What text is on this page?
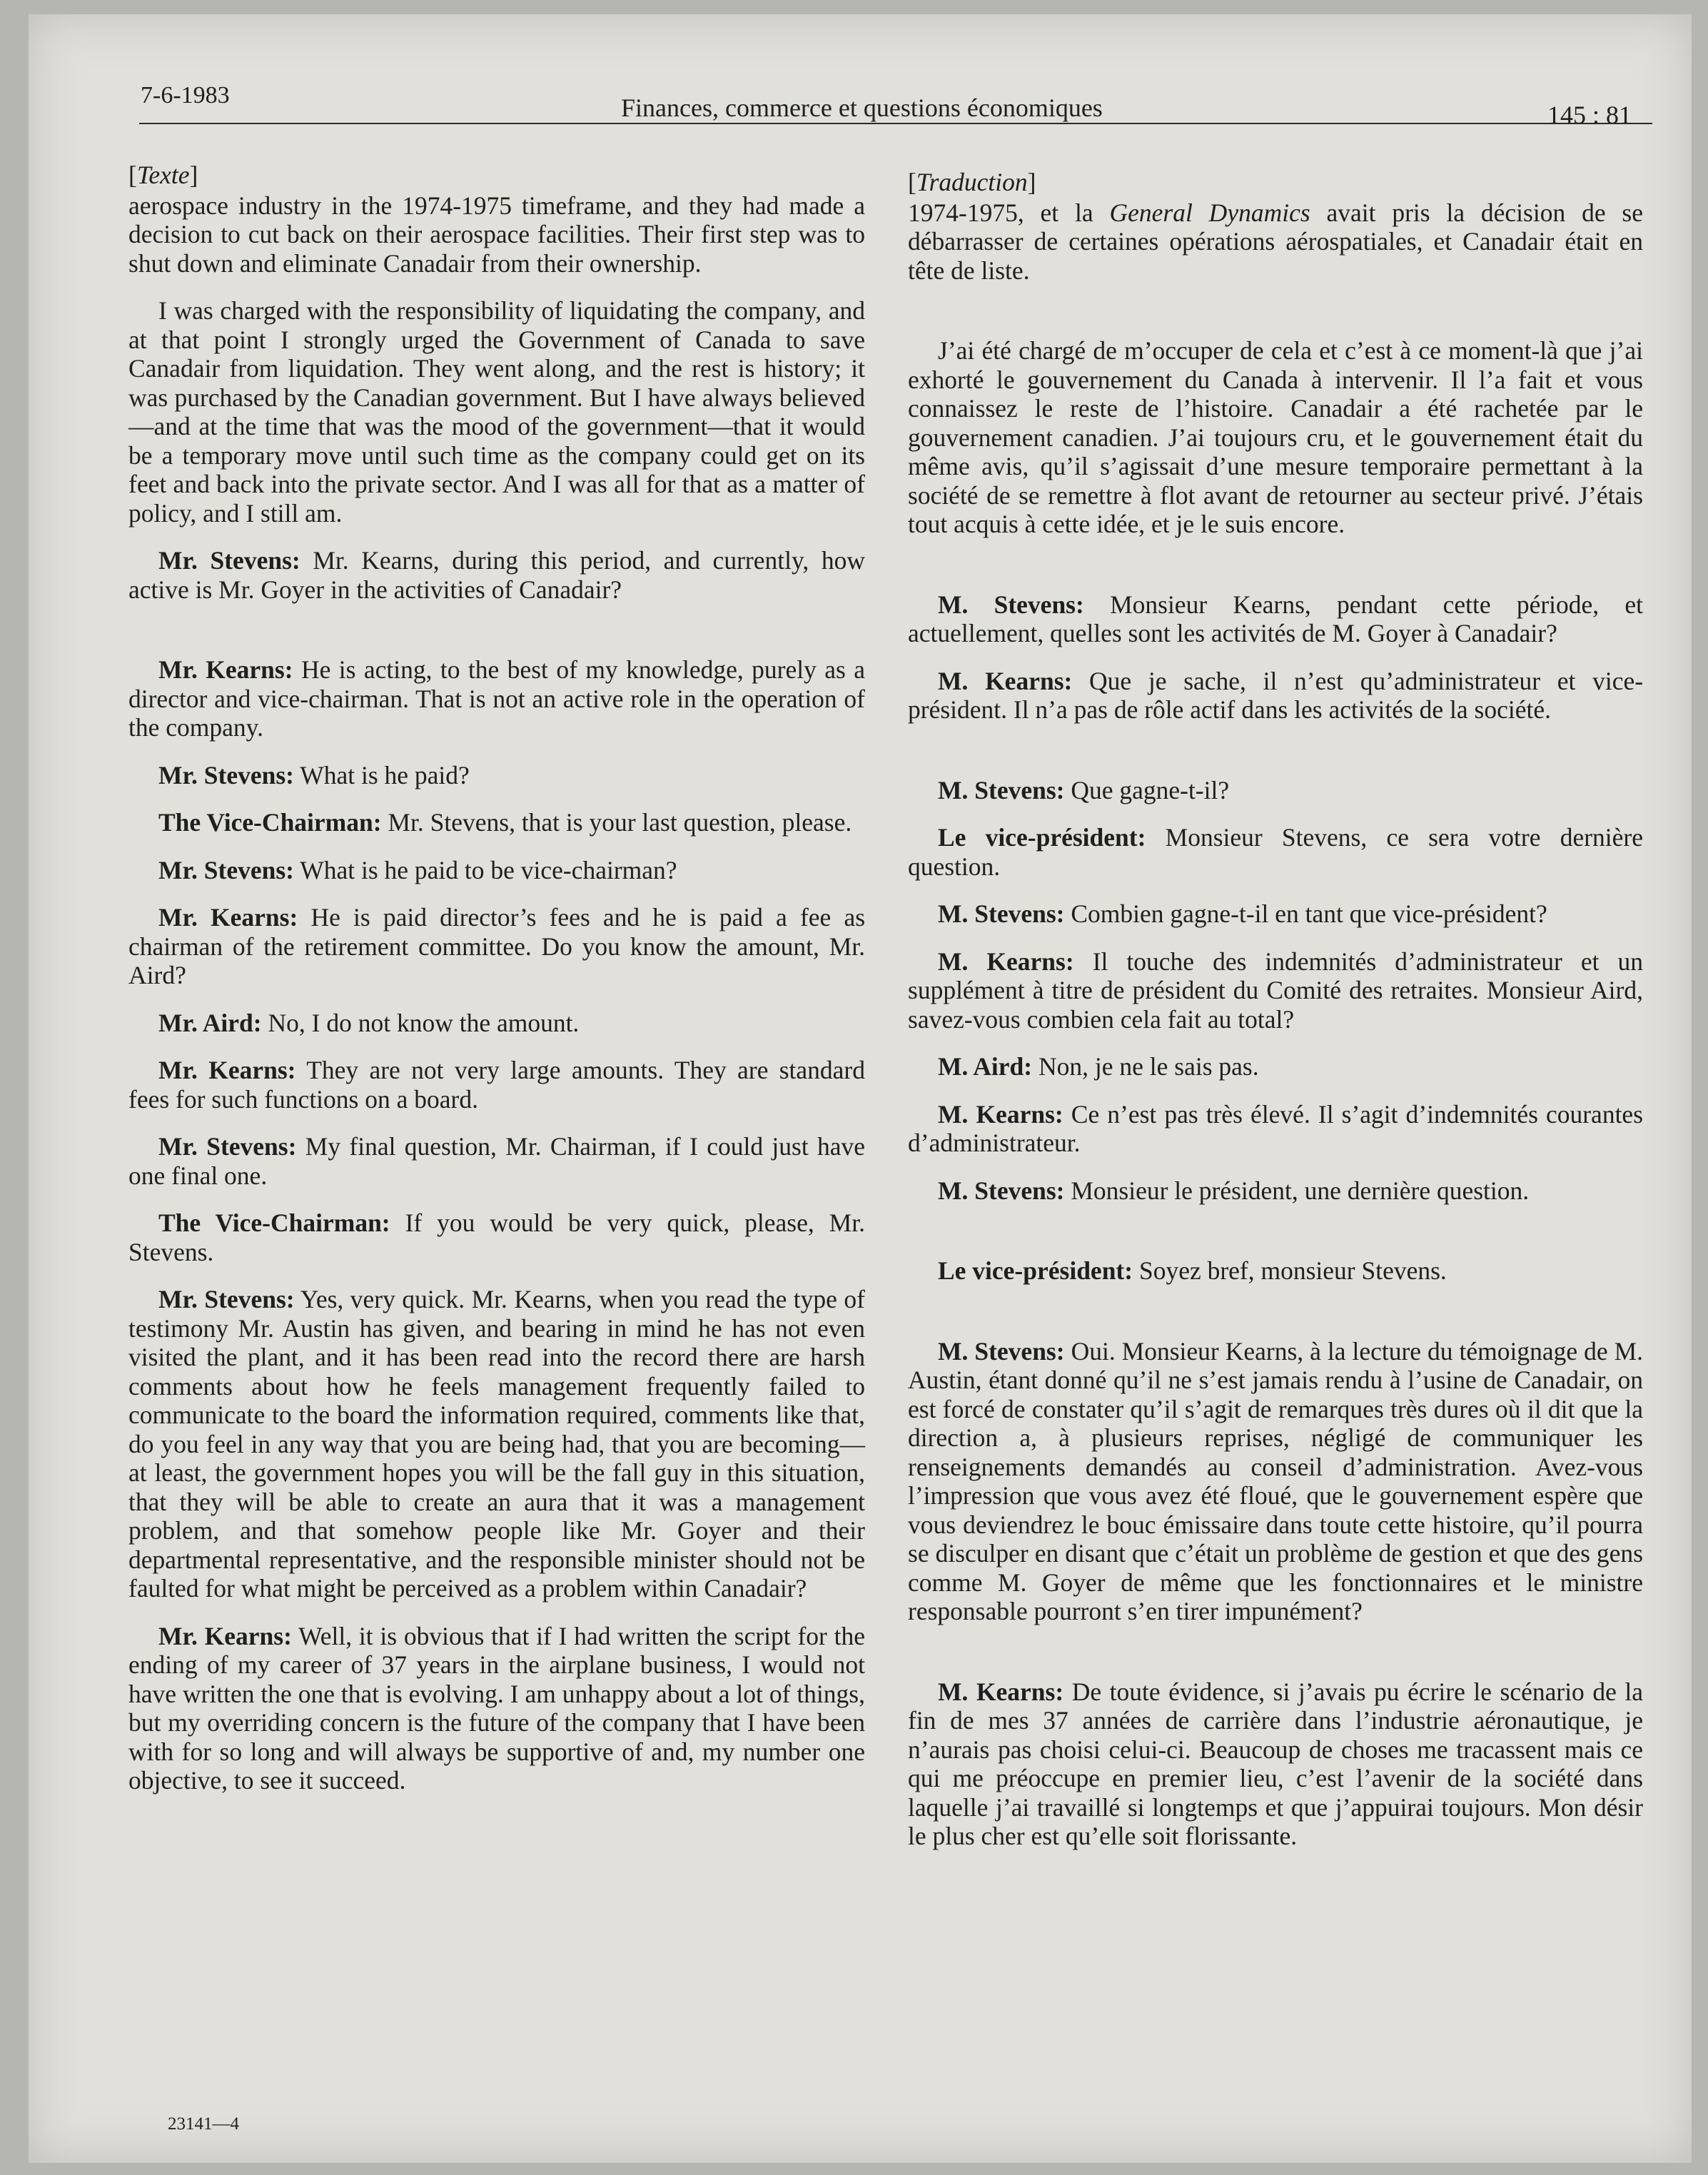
7-6-1983	Finances, commerce et questions économiques	145 : 81
[Texte]

aerospace industry in the 1974-1975 timeframe, and they had made a decision to cut back on their aerospace facilities. Their first step was to shut down and eliminate Canadair from their ownership.

I was charged with the responsibility of liquidating the company, and at that point I strongly urged the Government of Canada to save Canadair from liquidation. They went along, and the rest is history; it was purchased by the Canadian government. But I have always believed—and at the time that was the mood of the government—that it would be a temporary move until such time as the company could get on its feet and back into the private sector. And I was all for that as a matter of policy, and I still am.

Mr. Stevens: Mr. Kearns, during this period, and currently, how active is Mr. Goyer in the activities of Canadair?

Mr. Kearns: He is acting, to the best of my knowledge, purely as a director and vice-chairman. That is not an active role in the operation of the company.

Mr. Stevens: What is he paid?

The Vice-Chairman: Mr. Stevens, that is your last question, please.

Mr. Stevens: What is he paid to be vice-chairman?

Mr. Kearns: He is paid director’s fees and he is paid a fee as chairman of the retirement committee. Do you know the amount, Mr. Aird?

Mr. Aird: No, I do not know the amount.

Mr. Kearns: They are not very large amounts. They are standard fees for such functions on a board.

Mr. Stevens: My final question, Mr. Chairman, if I could just have one final one.

The Vice-Chairman: If you would be very quick, please, Mr. Stevens.

Mr. Stevens: Yes, very quick. Mr. Kearns, when you read the type of testimony Mr. Austin has given, and bearing in mind he has not even visited the plant, and it has been read into the record there are harsh comments about how he feels management frequently failed to communicate to the board the information required, comments like that, do you feel in any way that you are being had, that you are becoming—at least, the government hopes you will be the fall guy in this situation, that they will be able to create an aura that it was a management problem, and that somehow people like Mr. Goyer and their departmental representative, and the responsible minister should not be faulted for what might be perceived as a problem within Canadair?

Mr. Kearns: Well, it is obvious that if I had written the script for the ending of my career of 37 years in the airplane business, I would not have written the one that is evolving. I am unhappy about a lot of things, but my overriding concern is the future of the company that I have been with for so long and will always be supportive of and, my number one objective, to see it succeed.

[Traduction]

1974-1975, et la General Dynamics avait pris la décision de se débarrasser de certaines opérations aérospatiales, et Canadair était en tête de liste.

J’ai été chargé de m’occuper de cela et c’est à ce moment-là que j’ai exhorté le gouvernement du Canada à intervenir. Il l’a fait et vous connaissez le reste de l’histoire. Canadair a été rachetée par le gouvernement canadien. J’ai toujours cru, et le gouvernement était du même avis, qu’il s’agissait d’une mesure temporaire permettant à la société de se remettre à flot avant de retourner au secteur privé. J’étais tout acquis à cette idée, et je le suis encore.

M. Stevens: Monsieur Kearns, pendant cette période, et actuellement, quelles sont les activités de M. Goyer à Canadair?

M. Kearns: Que je sache, il n’est qu’administrateur et vice-président. Il n’a pas de rôle actif dans les activités de la société.

M. Stevens: Que gagne-t-il?

Le vice-président: Monsieur Stevens, ce sera votre dernière question.

M. Stevens: Combien gagne-t-il en tant que vice-président?

M. Kearns: Il touche des indemnités d’administrateur et un supplément à titre de président du Comité des retraites. Monsieur Aird, savez-vous combien cela fait au total?

M. Aird: Non, je ne le sais pas.

M. Kearns: Ce n’est pas très élevé. Il s’agit d’indemnités courantes d’administrateur.

M. Stevens: Monsieur le président, une dernière question.

Le vice-président: Soyez bref, monsieur Stevens.

M. Stevens: Oui. Monsieur Kearns, à la lecture du témoignage de M. Austin, étant donné qu’il ne s’est jamais rendu à l’usine de Canadair, on est forcé de constater qu’il s’agit de remarques très dures où il dit que la direction a, à plusieurs reprises, négligé de communiquer les renseignements demandés au conseil d’administration. Avez-vous l’impression que vous avez été floué, que le gouvernement espère que vous deviendrez le bouc émissaire dans toute cette histoire, qu’il pourra se disculper en disant que c’était un problème de gestion et que des gens comme M. Goyer de même que les fonctionnaires et le ministre responsable pourront s’en tirer impunément?

M. Kearns: De toute évidence, si j’avais pu écrire le scénario de la fin de mes 37 années de carrière dans l’industrie aéronautique, je n’aurais pas choisi celui-ci. Beaucoup de choses me tracassent mais ce qui me préoccupe en premier lieu, c’est l’avenir de la société dans laquelle j’ai travaillé si longtemps et que j’appuirai toujours. Mon désir le plus cher est qu’elle soit florissante.

23141—4
